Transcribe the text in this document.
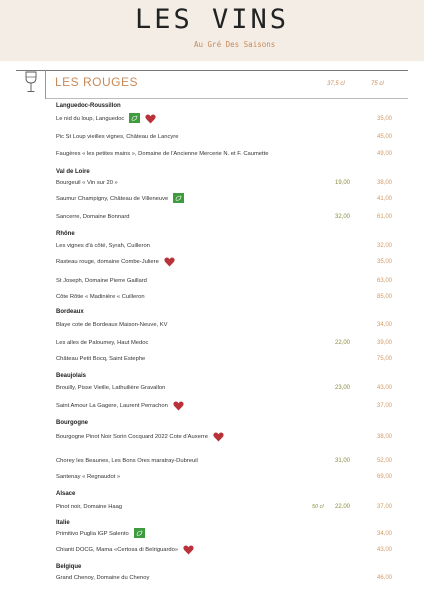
LES VINS
Au Gré Des Saisons
LES ROUGES	37,5 cl	75 cl
Languedoc-Roussillon
Le nid du loup, Languedoc	35,00
Pic St Loup vieilles vignes, Château de Lancyre	45,00
Faugères « les petites mains », Domaine de l'Ancienne Mercerie N. et F. Caumette	49,00
Val de Loire
Bourgeuil « Vin sur 20 »	19,00	38,00
Saumur Champigny, Château de Villeneuve	41,00
Sancerre, Domaine Bonnard	32,00	61,00
Rhône
Les vignes d'à côté, Syrah, Cuilleron	32,00
Rasteau rouge, domaine Combe-Juliere	35,00
St Joseph, Domaine Pierre Gaillard	63,00
Côte Rôtie « Madinière « Cuilleron	85,00
Bordeaux
Blaye cote de Bordeaux Maison-Neuve, KV	34,00
Les alles de Paloumey, Haut Medoc	22,00	39,00
Château Petit Bocq, Saint Estephe	75,00
Beaujolais
Brouilly, Pisse Vieille, Lathuilière Gravallon	23,00	43,00
Saint Amour La Gagere, Laurent Perrachon	37,00
Bourgogne
Bourgogne Pinot Noir Sorin Cocquard 2022 Cote d'Auxerre	38,00
Chorey les Beaunes, Les Bons Ores maratray-Dubreuil	31,00	52,00
Santenay « Regnaudot »	69,00
Alsace
Pinot noir, Domaine Haag	50 cl	22,00	37,00
Italie
Primitivo Puglia IGP Salento	34,00
Chianti DOCG, Mama «Certosa di Belriguardo»	43,00
Belgique
Grand Chenoy, Domaine du Chenoy	46,00
